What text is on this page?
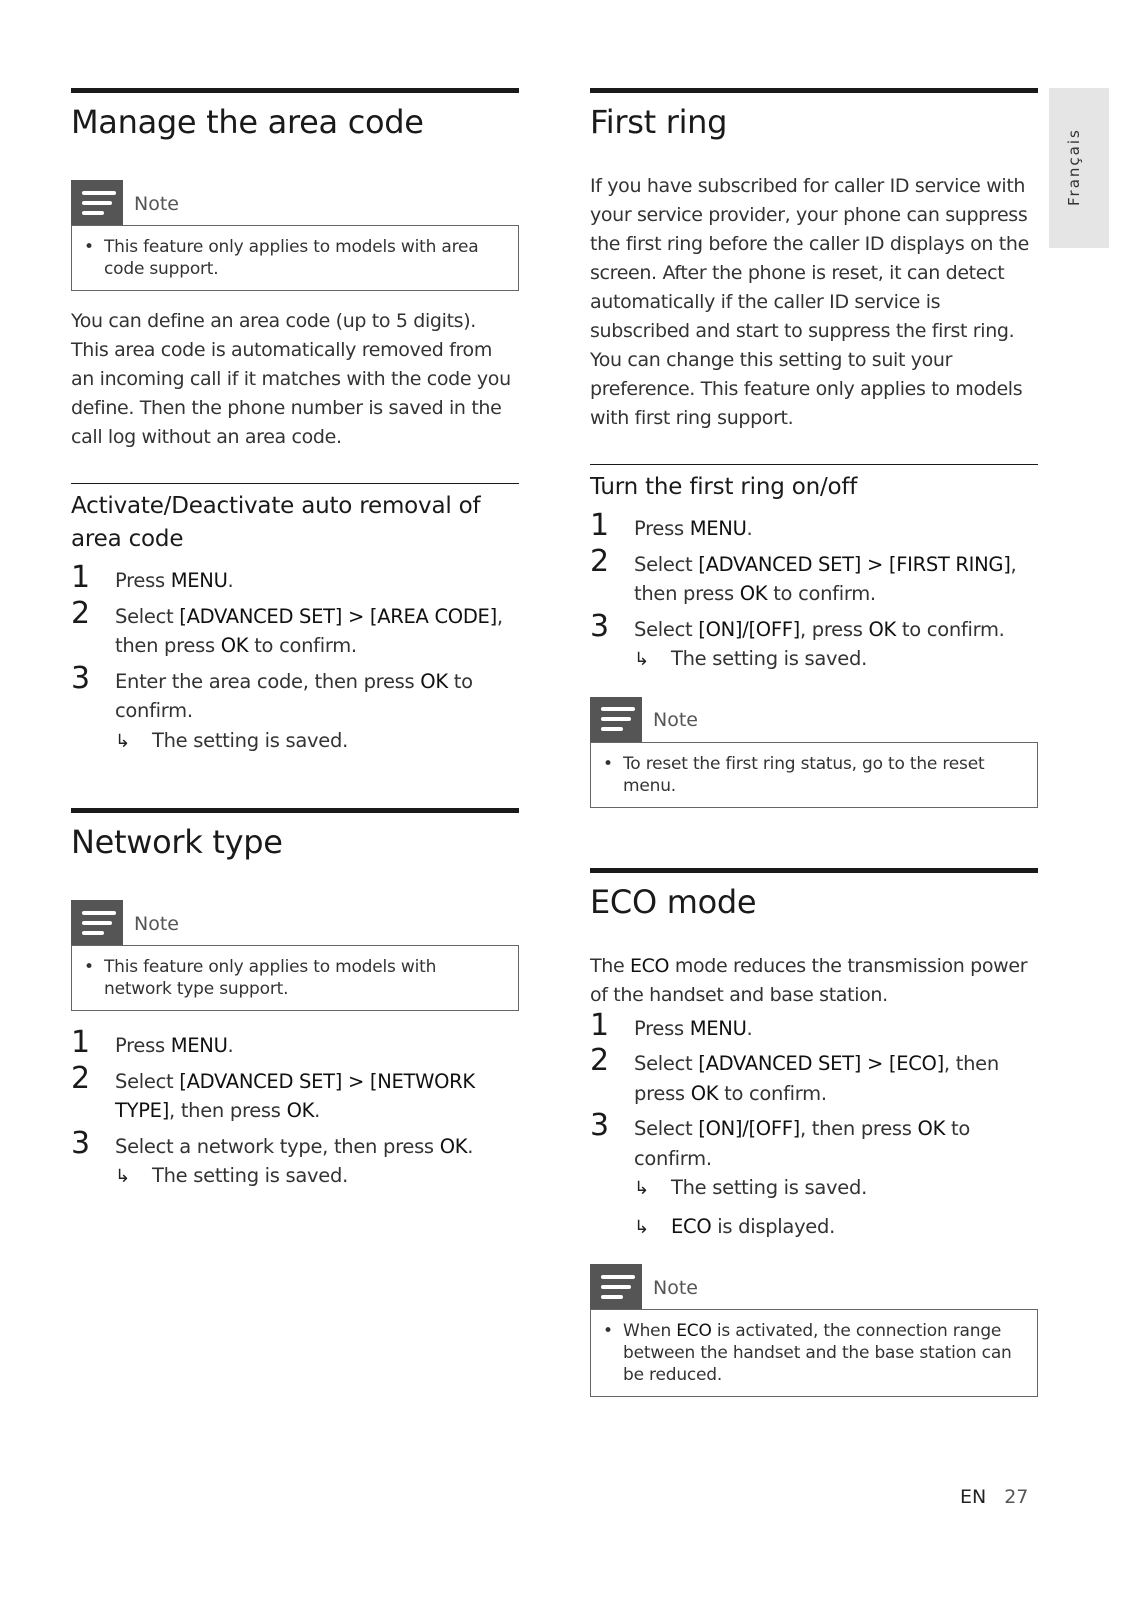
Français
Manage the area code
Note
• This feature only applies to models with area code support.

You can define an area code (up to 5 digits). This area code is automatically removed from an incoming call if it matches with the code you define. Then the phone number is saved in the call log without an area code.

Activate/Deactivate auto removal of area code
1	Press MENU.
2	Select [ADVANCED SET] > [AREA CODE], then press OK to confirm.
3	Enter the area code, then press OK to confirm.
↳	The setting is saved.
Network type
Note
• This feature only applies to models with network type support.
1	Press MENU.
2	Select [ADVANCED SET] > [NETWORK TYPE], then press OK.
3	Select a network type, then press OK.
↳	The setting is saved.
First ring

If you have subscribed for caller ID service with your service provider, your phone can suppress the first ring before the caller ID displays on the screen. After the phone is reset, it can detect automatically if the caller ID service is subscribed and start to suppress the first ring. You can change this setting to suit your preference. This feature only applies to models with first ring support.

Turn the first ring on/off
1	Press MENU.
2	Select [ADVANCED SET] > [FIRST RING], then press OK to confirm.
3	Select [ON]/[OFF], press OK to confirm.
↳	The setting is saved.
Note
• To reset the first ring status, go to the reset menu.
ECO mode

The ECO mode reduces the transmission power of the handset and base station.

1	Press MENU.
2	Select [ADVANCED SET] > [ECO], then press OK to confirm.
3	Select [ON]/[OFF], then press OK to confirm.
↳	The setting is saved.
↳	ECO is displayed.
Note
• When ECO is activated, the connection range between the handset and the base station can be reduced.
EN 27
